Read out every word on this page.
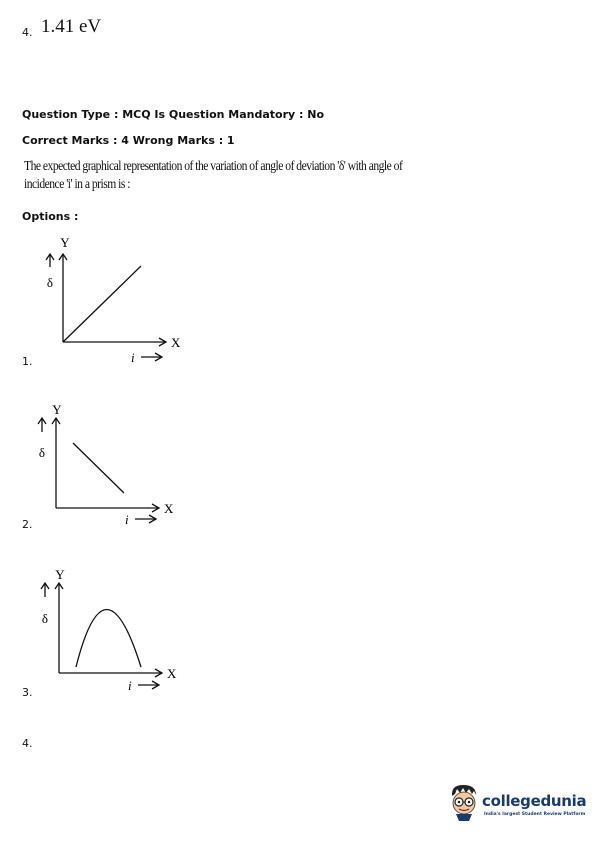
4. 1.41 eV
Question Type : MCQ Is Question Mandatory : No
Correct Marks : 4 Wrong Marks : 1
The expected graphical representation of the variation of angle of deviation 'δ' with angle of
incidence 'i' in a prism is :
Options :
Y
δ
X
i
1.
Y
δ
X
i
2.
Y
δ
X
i
3.
4.
collegedunia
India's largest Student Review Platform
